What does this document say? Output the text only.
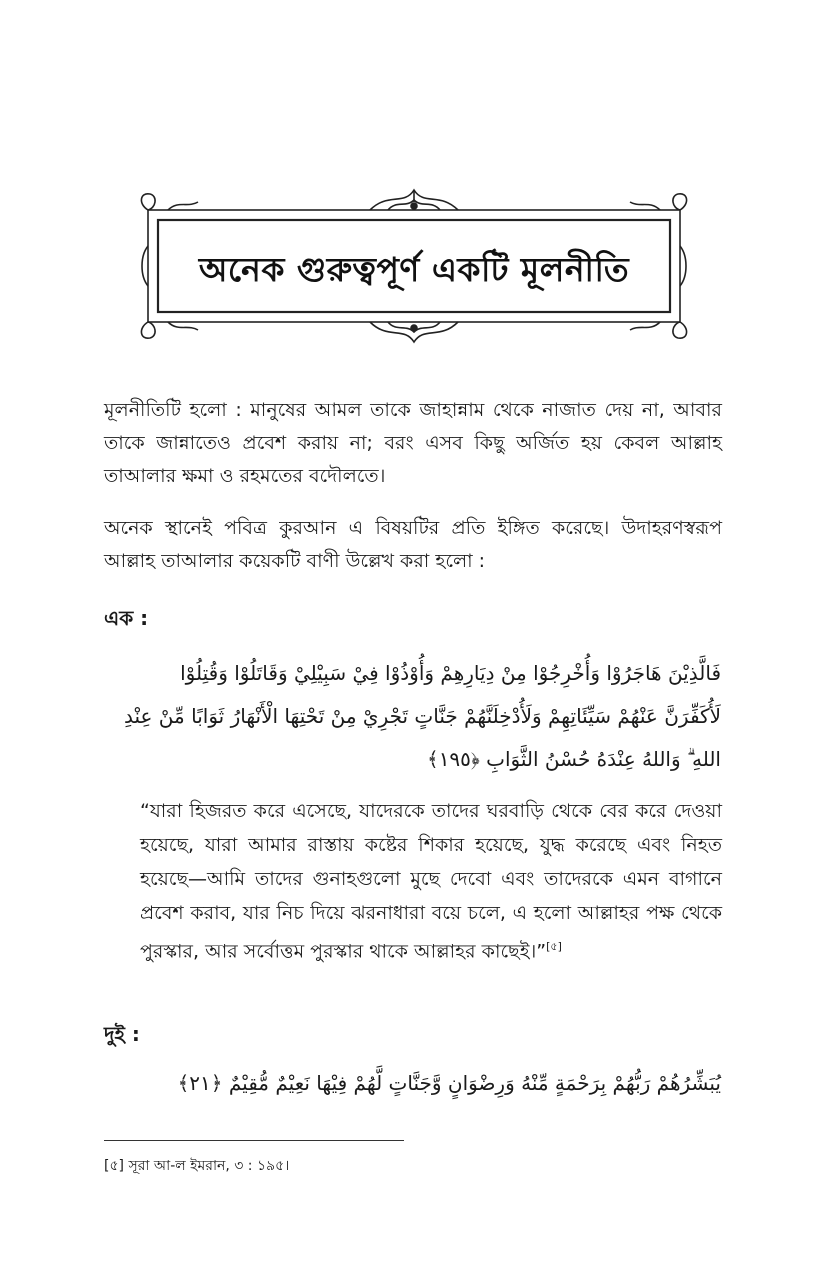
অনেক গুরুত্বপূর্ণ একটি মূলনীতি
মূলনীতিটি হলো : মানুষের আমল তাকে জাহান্নাম থেকে নাজাত দেয় না, আবার তাকে জান্নাতেও প্রবেশ করায় না; বরং এসব কিছু অর্জিত হয় কেবল আল্লাহ তাআলার ক্ষমা ও রহমতের বদৌলতে।
অনেক স্থানেই পবিত্র কুরআন এ বিষয়টির প্রতি ইঙ্গিত করেছে। উদাহরণস্বরূপ আল্লাহ তাআলার কয়েকটি বাণী উল্লেখ করা হলো :
এক :
فَالَّذِيْنَ هَاجَرُوْا وَأُخْرِجُوْا مِنْ دِيَارِهِمْ وَأُوْذُوْا فِيْ سَبِيْلِيْ وَقَاتَلُوْا وَقُتِلُوْا لَأُكَفِّرَنَّ عَنْهُمْ سَيِّئَاتِهِمْ وَلَأُدْخِلَنَّهُمْ جَنَّاتٍ تَجْرِيْ مِنْ تَحْتِهَا الْأَنْهَارُ ثَوَابًا مِّنْ عِنْدِ اللهِ ۗ وَاللهُ عِنْدَهُ حُسْنُ الثَّوَابِ ﴿١٩٥﴾
“যারা হিজরত করে এসেছে, যাদেরকে তাদের ঘরবাড়ি থেকে বের করে দেওয়া হয়েছে, যারা আমার রাস্তায় কষ্টের শিকার হয়েছে, যুদ্ধ করেছে এবং নিহত হয়েছে—আমি তাদের গুনাহগুলো মুছে দেবো এবং তাদেরকে এমন বাগানে প্রবেশ করাব, যার নিচ দিয়ে ঝরনাধারা বয়ে চলে, এ হলো আল্লাহর পক্ষ থেকে পুরস্কার, আর সর্বোত্তম পুরস্কার থাকে আল্লাহর কাছেই।”[৫]
দুই :
يُبَشِّرُهُمْ رَبُّهُمْ بِرَحْمَةٍ مِّنْهُ وَرِضْوَانٍ وَّجَنَّاتٍ لَّهُمْ فِيْهَا نَعِيْمٌ مُّقِيْمٌ ﴿٢١﴾
[৫] সূরা আ-ল ইমরান, ৩ : ১৯৫।
